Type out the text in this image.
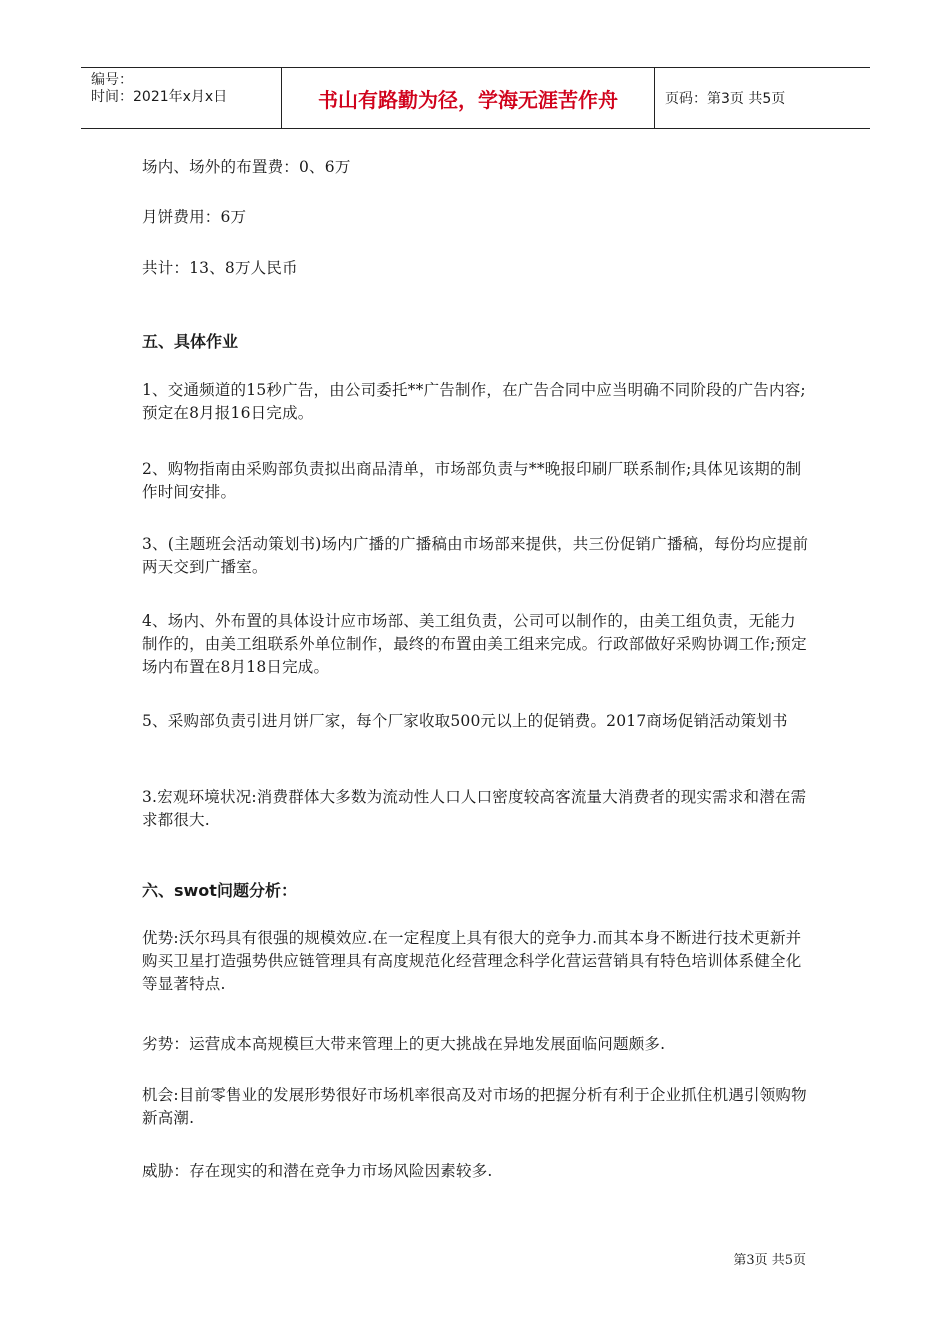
编号：
时间：2021年x月x日	书山有路勤为径，学海无涯苦作舟	页码：第3页 共5页

场内、场外的布置费：0、6万

月饼费用：6万

共计：13、8万人民币

五、具体作业

1、交通频道的15秒广告，由公司委托**广告制作，在广告合同中应当明确不同阶段的广告内容;预定在8月报16日完成。

2、购物指南由采购部负责拟出商品清单，市场部负责与**晚报印刷厂联系制作;具体见该期的制作时间安排。

3、(主题班会活动策划书)场内广播的广播稿由市场部来提供，共三份促销广播稿，每份均应提前两天交到广播室。

4、场内、外布置的具体设计应市场部、美工组负责，公司可以制作的，由美工组负责，无能力制作的，由美工组联系外单位制作，最终的布置由美工组来完成。行政部做好采购协调工作;预定场内布置在8月18日完成。

5、采购部负责引进月饼厂家，每个厂家收取500元以上的促销费。2017商场促销活动策划书

3.宏观环境状况:消费群体大多数为流动性人口人口密度较高客流量大消费者的现实需求和潜在需求都很大.

六、swot问题分析：

优势:沃尔玛具有很强的规模效应.在一定程度上具有很大的竞争力.而其本身不断进行技术更新并购买卫星打造强势供应链管理具有高度规范化经营理念科学化营运营销具有特色培训体系健全化等显著特点.

劣势：运营成本高规模巨大带来管理上的更大挑战在异地发展面临问题颇多.

机会:目前零售业的发展形势很好市场机率很高及对市场的把握分析有利于企业抓住机遇引领购物新高潮.

威胁：存在现实的和潜在竞争力市场风险因素较多.

第3页 共5页
